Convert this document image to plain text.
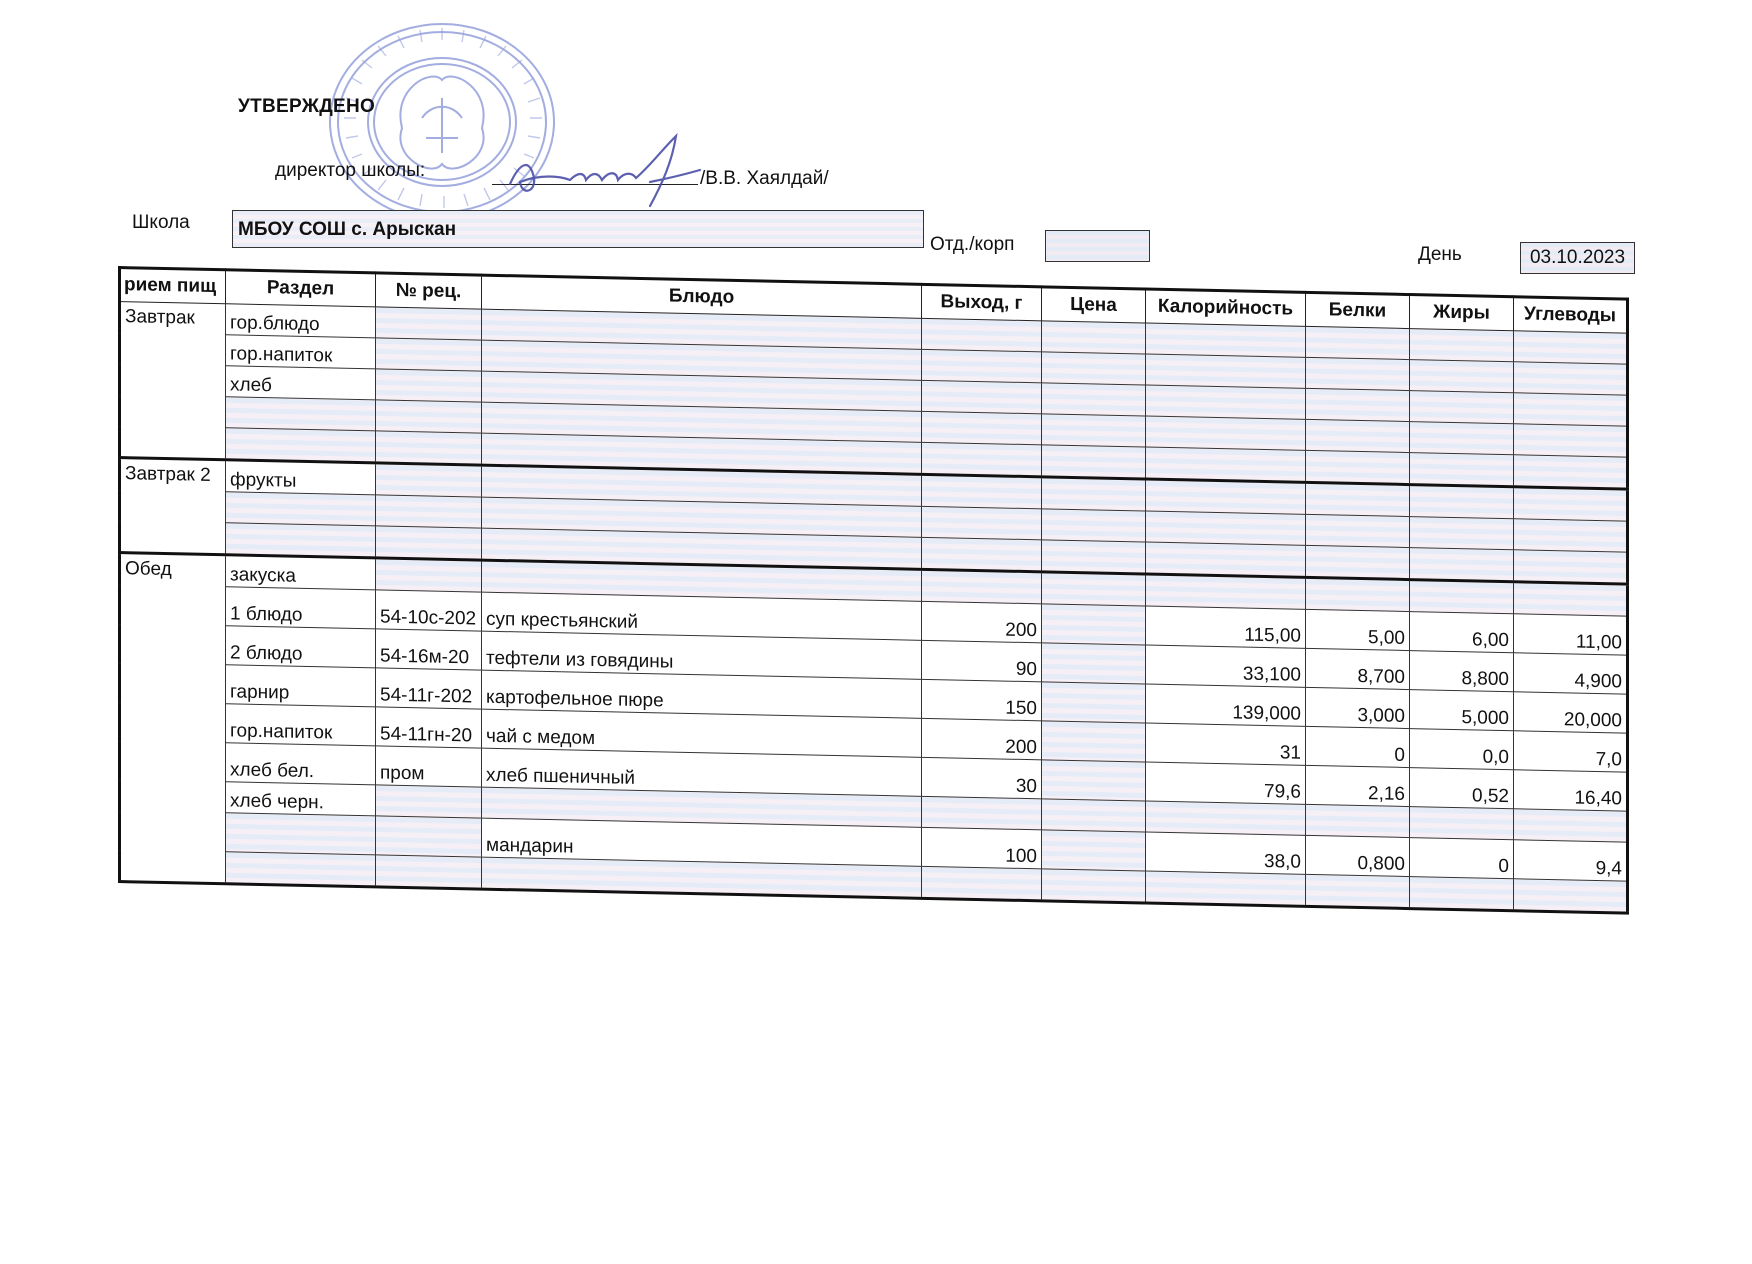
УТВЕРЖДЕНО
директор школы:	/В.В. Хаялдай/
Школа	МБОУ СОШ с. Арыскан
Отд./корп	День	03.10.2023
рием пищ	Раздел	№ рец.	Блюдо	Выход, г	Цена	Калорийность	Белки	Жиры	Углеводы
Завтрак	гор.блюдо								
	гор.напиток								
	хлеб								

Завтрак 2	фрукты								

Обед	закуска								
	1 блюдо	54-10с-202	суп крестьянский	200		115,00	5,00	6,00	11,00
	2 блюдо	54-16м-20	тефтели из говядины	90		33,100	8,700	8,800	4,900
	гарнир	54-11г-202	картофельное пюре	150		139,000	3,000	5,000	20,000
	гор.напиток	54-11гн-20	чай с медом	200		31	0	0,0	7,0
	хлеб бел.	пром	хлеб пшеничный	30		79,6	2,16	0,52	16,40
	хлеб черн.								
			мандарин	100		38,0	0,800	0	9,4
